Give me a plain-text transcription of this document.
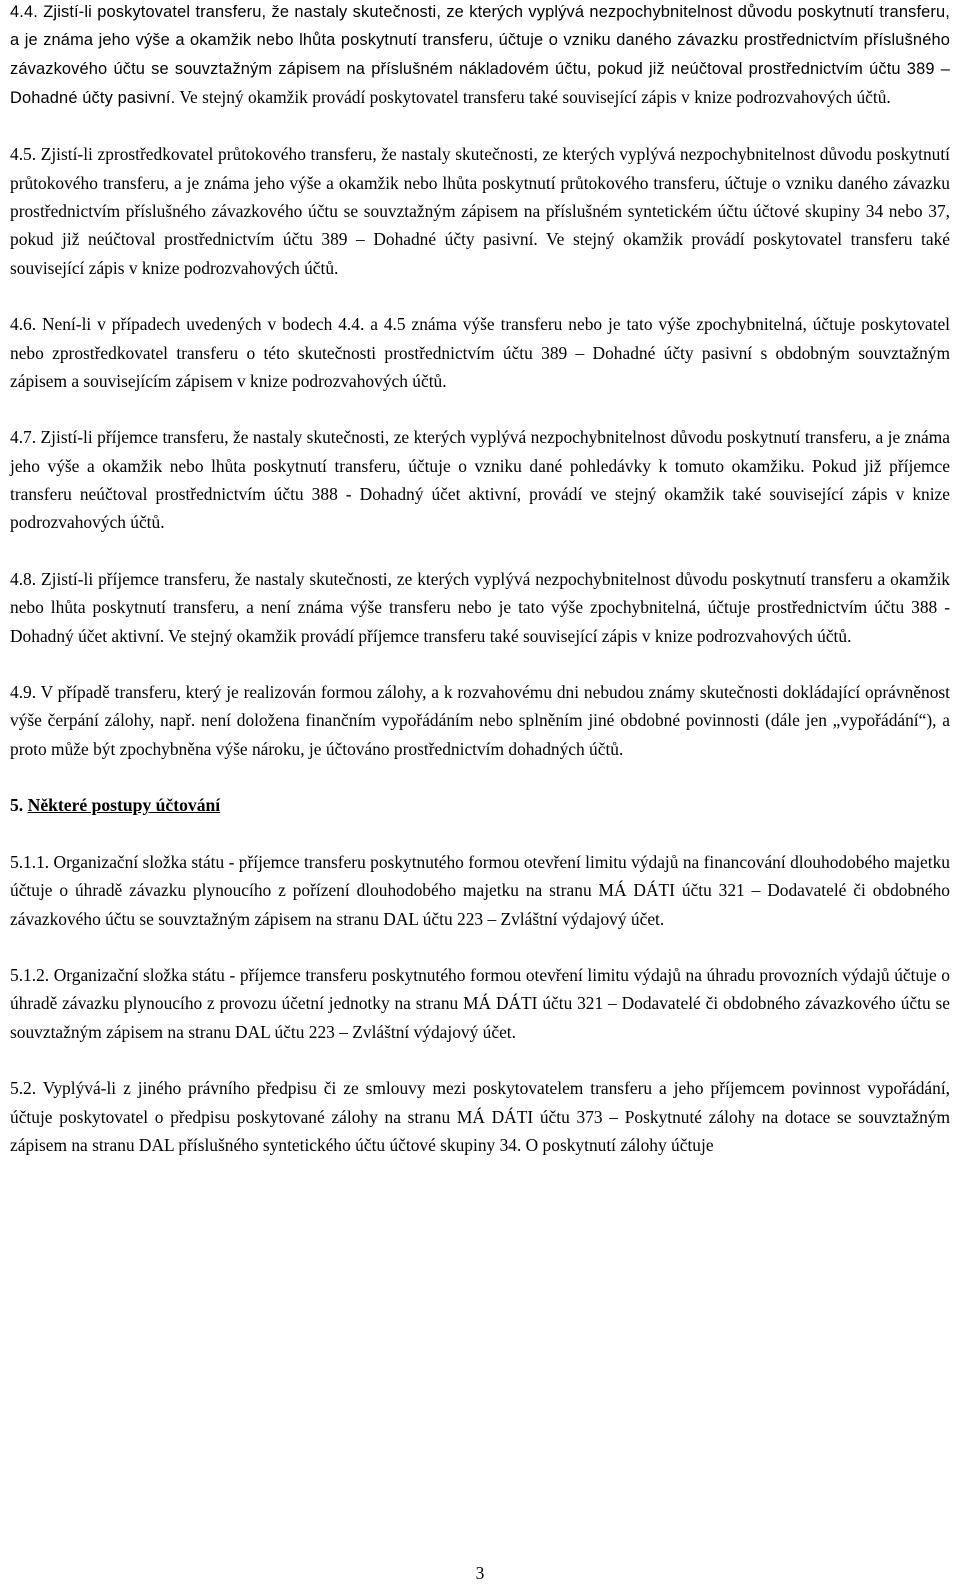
4.4. Zjistí-li poskytovatel transferu, že nastaly skutečnosti, ze kterých vyplývá nezpochybnitelnost důvodu poskytnutí transferu, a je známa jeho výše a okamžik nebo lhůta poskytnutí transferu, účtuje o vzniku daného závazku prostřednictvím příslušného závazkového účtu se souvztažným zápisem na příslušném nákladovém účtu, pokud již neúčtoval prostřednictvím účtu 389 – Dohadné účty pasivní. Ve stejný okamžik provádí poskytovatel transferu také související zápis v knize podrozvahových účtů.

4.5. Zjistí-li zprostředkovatel průtokového transferu, že nastaly skutečnosti, ze kterých vyplývá nezpochybnitelnost důvodu poskytnutí průtokového transferu, a je známa jeho výše a okamžik nebo lhůta poskytnutí průtokového transferu, účtuje o vzniku daného závazku prostřednictvím příslušného závazkového účtu se souvztažným zápisem na příslušném syntetickém účtu účtové skupiny 34 nebo 37, pokud již neúčtoval prostřednictvím účtu 389 – Dohadné účty pasivní. Ve stejný okamžik provádí poskytovatel transferu také související zápis v knize podrozvahových účtů.

4.6. Není-li v případech uvedených v bodech 4.4. a 4.5 známa výše transferu nebo je tato výše zpochybnitelná, účtuje poskytovatel nebo zprostředkovatel transferu o této skutečnosti prostřednictvím účtu 389 – Dohadné účty pasivní s obdobným souvztažným zápisem a souvisejícím zápisem v knize podrozvahových účtů.

4.7. Zjistí-li příjemce transferu, že nastaly skutečnosti, ze kterých vyplývá nezpochybnitelnost důvodu poskytnutí transferu, a je známa jeho výše a okamžik nebo lhůta poskytnutí transferu, účtuje o vzniku dané pohledávky k tomuto okamžiku. Pokud již příjemce transferu neúčtoval prostřednictvím účtu 388 - Dohadný účet aktivní, provádí ve stejný okamžik také související zápis v knize podrozvahových účtů.

4.8. Zjistí-li příjemce transferu, že nastaly skutečnosti, ze kterých vyplývá nezpochybnitelnost důvodu poskytnutí transferu a okamžik nebo lhůta poskytnutí transferu, a není známa výše transferu nebo je tato výše zpochybnitelná, účtuje prostřednictvím účtu 388 - Dohadný účet aktivní. Ve stejný okamžik provádí příjemce transferu také související zápis v knize podrozvahových účtů.

4.9. V případě transferu, který je realizován formou zálohy, a k rozvahovému dni nebudou známy skutečnosti dokládající oprávněnost výše čerpání zálohy, např. není doložena finančním vypořádáním nebo splněním jiné obdobné povinnosti (dále jen „vypořádání“), a proto může být zpochybněna výše nároku, je účtováno prostřednictvím dohadných účtů.

5. Některé postupy účtování

5.1.1. Organizační složka státu - příjemce transferu poskytnutého formou otevření limitu výdajů na financování dlouhodobého majetku účtuje o úhradě závazku plynoucího z pořízení dlouhodobého majetku na stranu MÁ DÁTI účtu 321 – Dodavatelé či obdobného závazkového účtu se souvztažným zápisem na stranu DAL účtu 223 – Zvláštní výdajový účet.

5.1.2. Organizační složka státu - příjemce transferu poskytnutého formou otevření limitu výdajů na úhradu provozních výdajů účtuje o úhradě závazku plynoucího z provozu účetní jednotky na stranu MÁ DÁTI účtu 321 – Dodavatelé či obdobného závazkového účtu se souvztažným zápisem na stranu DAL účtu 223 – Zvláštní výdajový účet.

5.2. Vyplývá-li z jiného právního předpisu či ze smlouvy mezi poskytovatelem transferu a jeho příjemcem povinnost vypořádání, účtuje poskytovatel o předpisu poskytované zálohy na stranu MÁ DÁTI účtu 373 – Poskytnuté zálohy na dotace se souvztažným zápisem na stranu DAL příslušného syntetického účtu účtové skupiny 34. O poskytnutí zálohy účtuje

3
